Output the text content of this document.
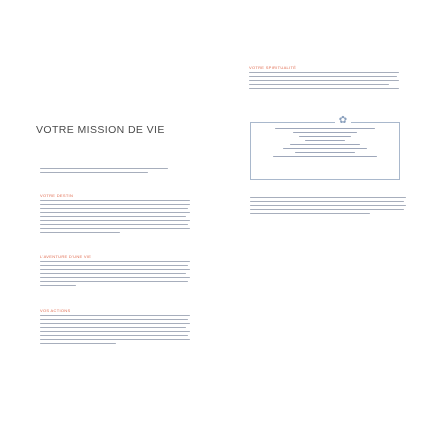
VOTRE MISSION DE VIE
VOTRE DESTIN
L'AVENTURE D'UNE VIE
VOS ACTIONS
VOTRE SPIRITUALITÉ
✿
